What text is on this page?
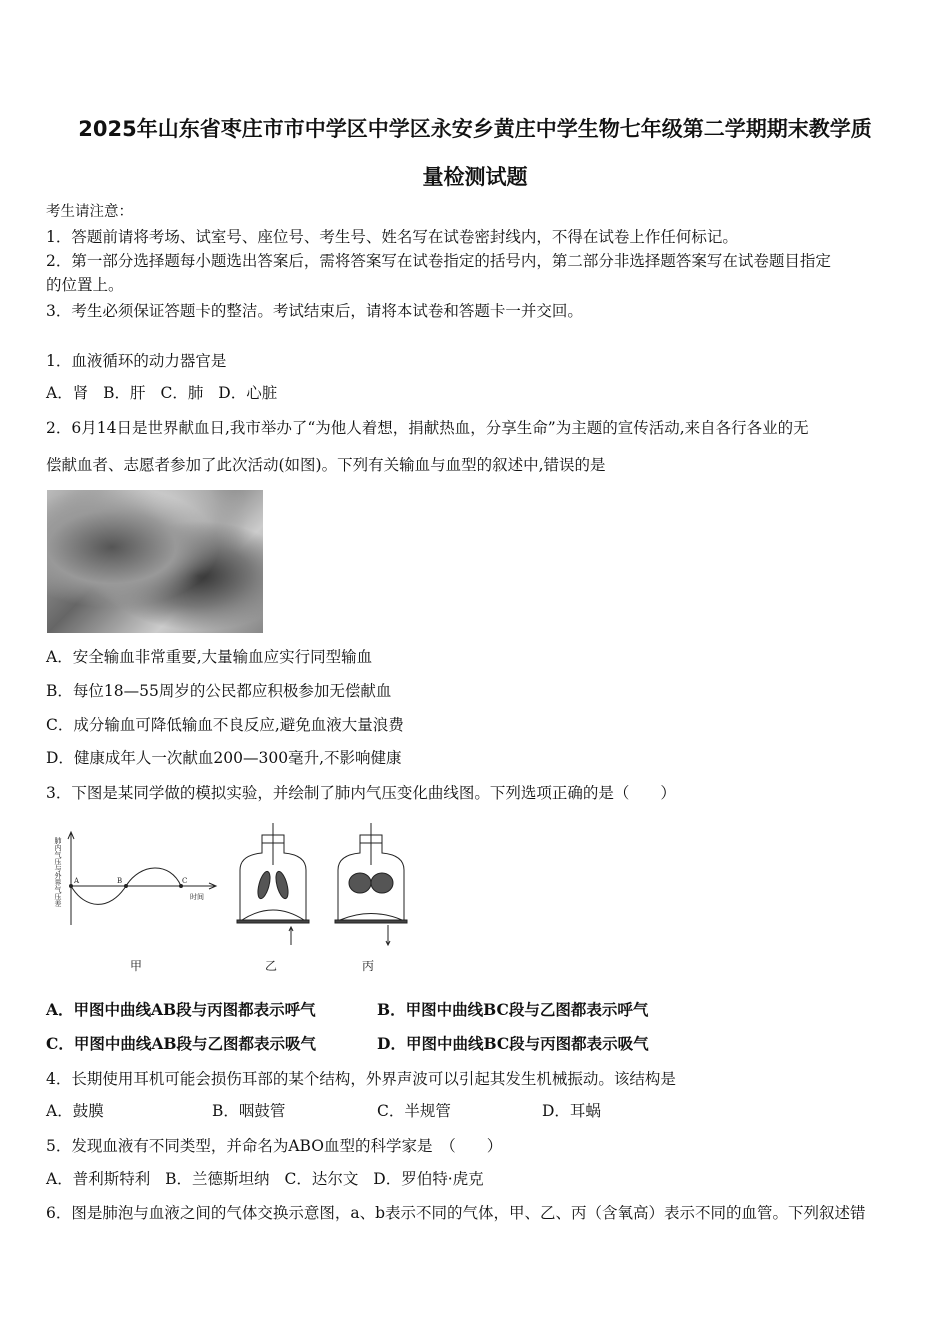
2025年山东省枣庄市市中学区中学区永安乡黄庄中学生物七年级第二学期期末教学质
量检测试题
考生请注意：
1．答题前请将考场、试室号、座位号、考生号、姓名写在试卷密封线内，不得在试卷上作任何标记。
2．第一部分选择题每小题选出答案后，需将答案写在试卷指定的括号内，第二部分非选择题答案写在试卷题目指定
的位置上。
3．考生必须保证答题卡的整洁。考试结束后，请将本试卷和答题卡一并交回。
1．血液循环的动力器官是
A．肾 B．肝 C．肺 D．心脏
2．6月14日是世界献血日,我市举办了“为他人着想，捐献热血，分享生命”为主题的宣传活动,来自各行各业的无
偿献血者、志愿者参加了此次活动(如图)。下列有关输血与血型的叙述中,错误的是
A．安全输血非常重要,大量输血应实行同型输血
B．每位18—55周岁的公民都应积极参加无偿献血
C．成分输血可降低输血不良反应,避免血液大量浪费
D．健康成年人一次献血200—300毫升,不影响健康
3．下图是某同学做的模拟实验，并绘制了肺内气压变化曲线图。下列选项正确的是（　　）
肺内气压与外界气压差	时间
A	B	C
甲	乙	丙
A．甲图中曲线AB段与丙图都表示呼气	B．甲图中曲线BC段与乙图都表示呼气
C．甲图中曲线AB段与乙图都表示吸气	D．甲图中曲线BC段与丙图都表示吸气
4．长期使用耳机可能会损伤耳部的某个结构，外界声波可以引起其发生机械振动。该结构是
A．鼓膜	B．咽鼓管	C．半规管	D．耳蜗
5．发现血液有不同类型，并命名为ABO血型的科学家是　（　　）
A．普利斯特利 B．兰德斯坦纳 C．达尔文 D．罗伯特·虎克
6．图是肺泡与血液之间的气体交换示意图，a、b表示不同的气体，甲、乙、丙（含氧高）表示不同的血管。下列叙述错
